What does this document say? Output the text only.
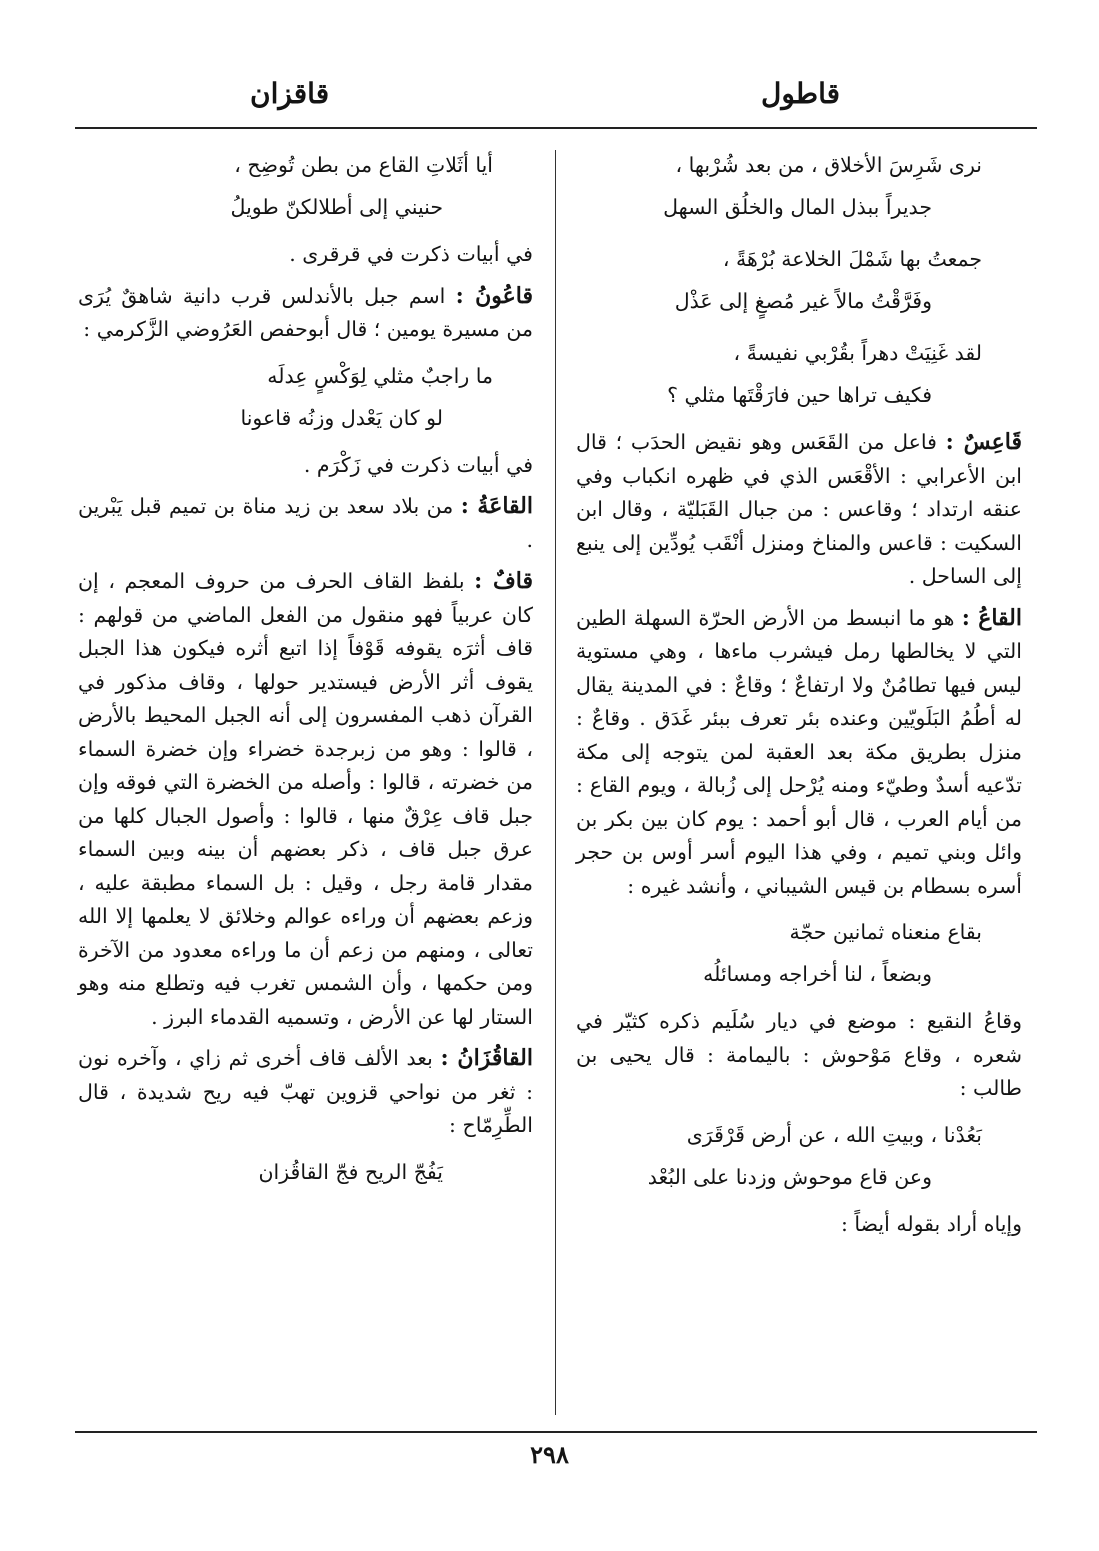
قاطول
قاقزان
نرى شَرِسَ الأخلاق ، من بعد شُرْبها ،
جديراً ببذل المال والخلُق السهل
جمعتُ بها شَمْلَ الخلاعة بُرْهَةً ،
وفَرَّقْتُ مالاً غير مُصغٍ إلى عَذْل
لقد غَنِيَتْ دهراً بقُرْبي نفيسةً ،
فكيف تراها حين فارَقْتَها مثلي ؟

قَاعِسٌ : فاعل من القَعَس وهو نقيض الحدَب ؛ قال ابن الأعرابي : الأقْعَس الذي في ظهره انكباب وفي عنقه ارتداد ؛ وقاعس : من جبال القَبَليّة ، وقال ابن السكيت : قاعس والمناخ ومنزل أنْقَب يُودِّين إلى ينبع إلى الساحل .

القاعُ : هو ما انبسط من الأرض الحرّة السهلة الطين التي لا يخالطها رمل فيشرب ماءها ، وهي مستوية ليس فيها تطامُنٌ ولا ارتفاعٌ ؛ وقاعٌ : في المدينة يقال له أطُمُ البَلَويّين وعنده بئر تعرف ببئر غَدَق . وقاعٌ : منزل بطريق مكة بعد العقبة لمن يتوجه إلى مكة تدّعيه أسدٌ وطيّء ومنه يُرْحل إلى زُبالة ، ويوم القاع : من أيام العرب ، قال أبو أحمد : يوم كان بين بكر بن وائل وبني تميم ، وفي هذا اليوم أسر أوس بن حجر أسره بسطام بن قيس الشيباني ، وأنشد غيره :

بقاع منعناه ثمانين حجّة
وبضعاً ، لنا أخراجه ومسائلُه

وقاعُ النقيع : موضع في ديار سُلَيم ذكره كثيّر في شعره ، وقاع مَوْحوش : باليمامة : قال يحيى بن طالب :

بَعُدْنا ، وبيتِ الله ، عن أرض قَرْقَرَى
وعن قاع موحوش وزدنا على البُعْد

وإياه أراد بقوله أيضاً :

أيا أثَلاتِ القاع من بطن تُوضِح ،
حنيني إلى أطلالكنّ طويلُ

في أبيات ذكرت في قرقرى .

قاعُونُ : اسم جبل بالأندلس قرب دانية شاهقٌ يُرَى من مسيرة يومين ؛ قال أبوحفص العَرُوضي الزَّكرمي :

ما راجبٌ مثلي لِوَكْسٍ عِدلَه
لو كان يَعْدل وزنُه قاعونا

في أبيات ذكرت في زَكْرَم .

القاعَةُ : من بلاد سعد بن زيد مناة بن تميم قبل يَبْرين .

قافٌ : بلفظ القاف الحرف من حروف المعجم ، إن كان عربياً فهو منقول من الفعل الماضي من قولهم : قاف أثرَه يقوفه قَوْفاً إذا اتبع أثره فيكون هذا الجبل يقوف أثر الأرض فيستدير حولها ، وقاف مذكور في القرآن ذهب المفسرون إلى أنه الجبل المحيط بالأرض ، قالوا : وهو من زبرجدة خضراء وإن خضرة السماء من خضرته ، قالوا : وأصله من الخضرة التي فوقه وإن جبل قاف عِرْقٌ منها ، قالوا : وأصول الجبال كلها من عرق جبل قاف ، ذكر بعضهم أن بينه وبين السماء مقدار قامة رجل ، وقيل : بل السماء مطبقة عليه ، وزعم بعضهم أن وراءه عوالم وخلائق لا يعلمها إلا الله تعالى ، ومنهم من زعم أن ما وراءه معدود من الآخرة ومن حكمها ، وأن الشمس تغرب فيه وتطلع منه وهو الستار لها عن الأرض ، وتسميه القدماء البرز .

القاقُزَانُ : بعد الألف قاف أخرى ثم زاي ، وآخره نون : ثغر من نواحي قزوين تهبّ فيه ريح شديدة ، قال الطِّرِمّاح :

يَفُجّ الريح فجّ القاقُزان
٢٩٨
